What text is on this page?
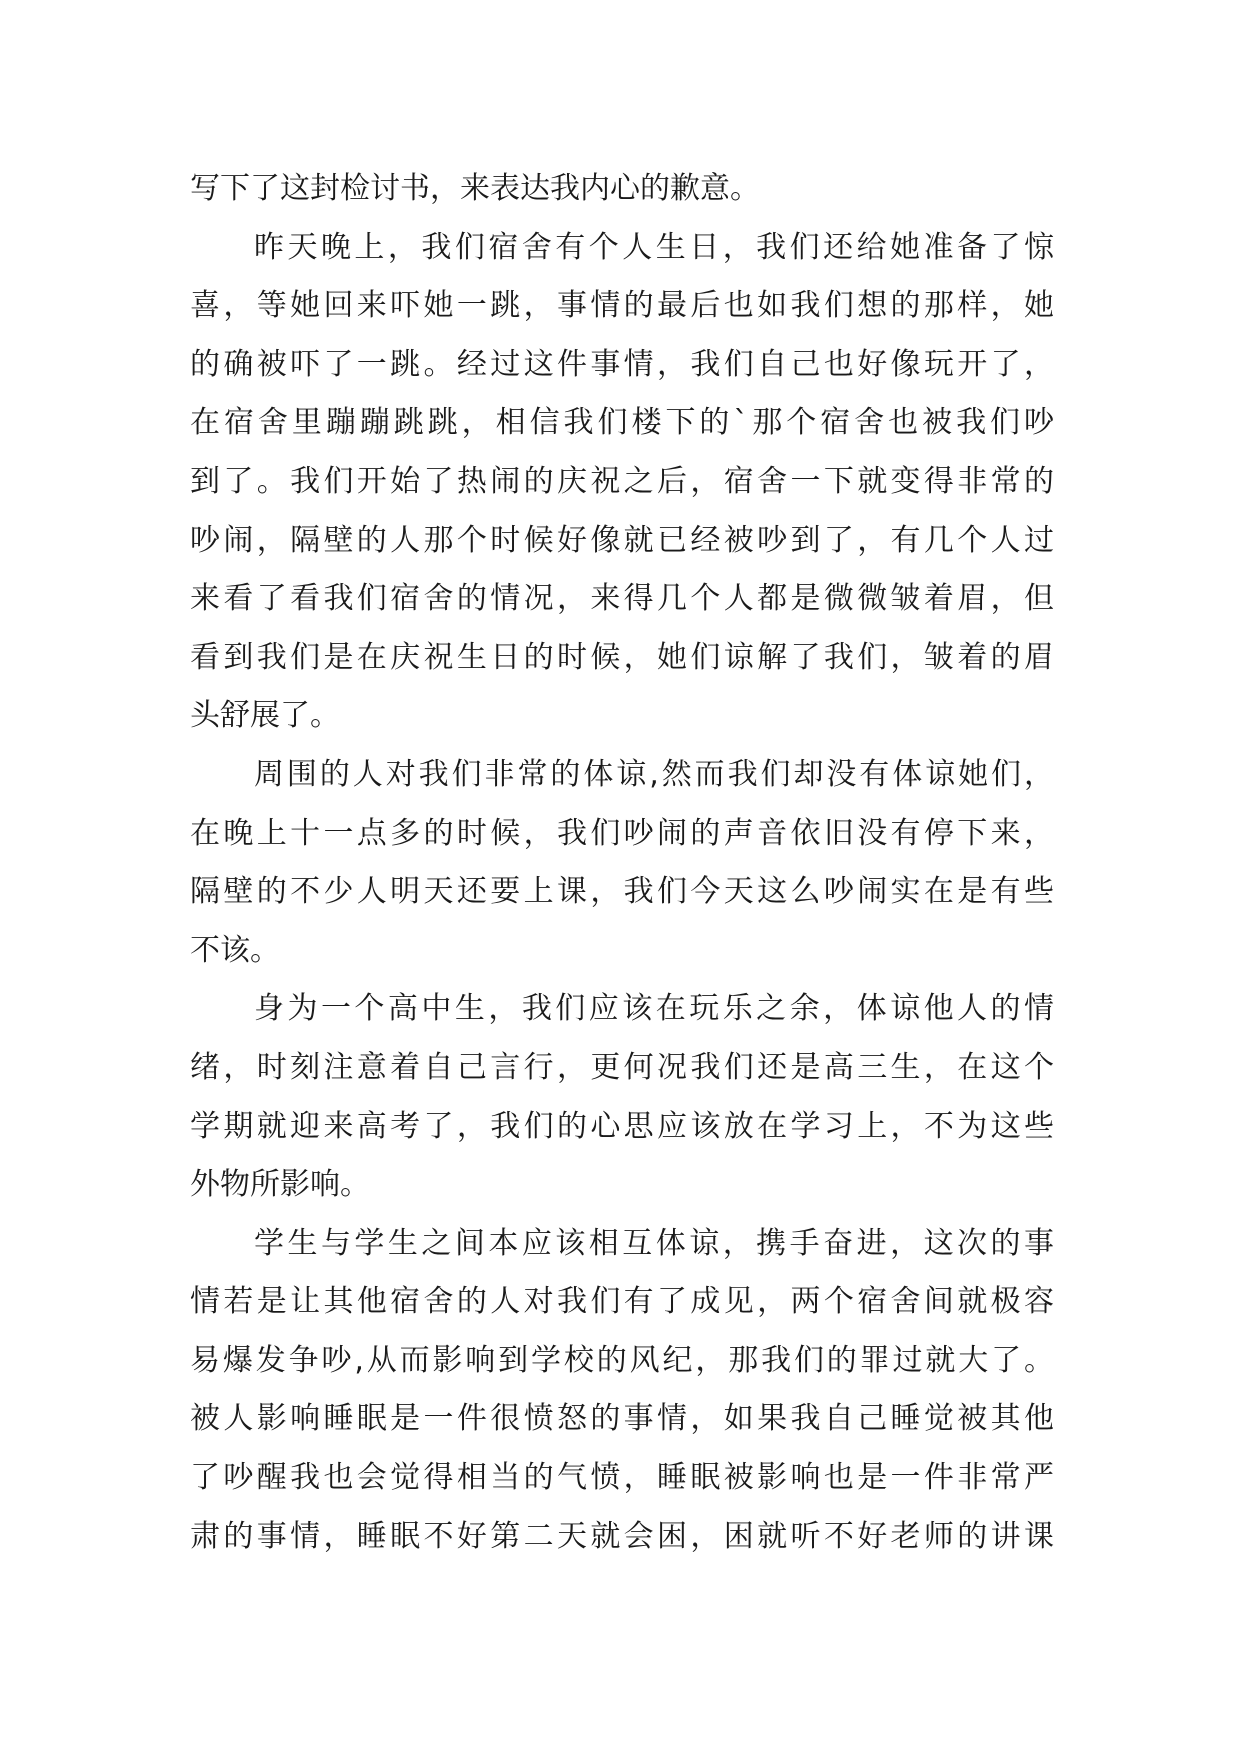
写下了这封检讨书，来表达我内心的歉意。
昨天晚上，我们宿舍有个人生日，我们还给她准备了惊
喜，等她回来吓她一跳，事情的最后也如我们想的那样，她
的确被吓了一跳。经过这件事情，我们自己也好像玩开了，
在宿舍里蹦蹦跳跳，相信我们楼下的`那个宿舍也被我们吵
到了。我们开始了热闹的庆祝之后，宿舍一下就变得非常的
吵闹，隔壁的人那个时候好像就已经被吵到了，有几个人过
来看了看我们宿舍的情况，来得几个人都是微微皱着眉，但
看到我们是在庆祝生日的时候，她们谅解了我们，皱着的眉
头舒展了。
周围的人对我们非常的体谅,然而我们却没有体谅她们，
在晚上十一点多的时候，我们吵闹的声音依旧没有停下来，
隔壁的不少人明天还要上课，我们今天这么吵闹实在是有些
不该。
身为一个高中生，我们应该在玩乐之余，体谅他人的情
绪，时刻注意着自己言行，更何况我们还是高三生，在这个
学期就迎来高考了，我们的心思应该放在学习上，不为这些
外物所影响。
学生与学生之间本应该相互体谅，携手奋进，这次的事
情若是让其他宿舍的人对我们有了成见，两个宿舍间就极容
易爆发争吵,从而影响到学校的风纪，那我们的罪过就大了。
被人影响睡眠是一件很愤怒的事情，如果我自己睡觉被其他
了吵醒我也会觉得相当的气愤，睡眠被影响也是一件非常严
肃的事情，睡眠不好第二天就会困，困就听不好老师的讲课
